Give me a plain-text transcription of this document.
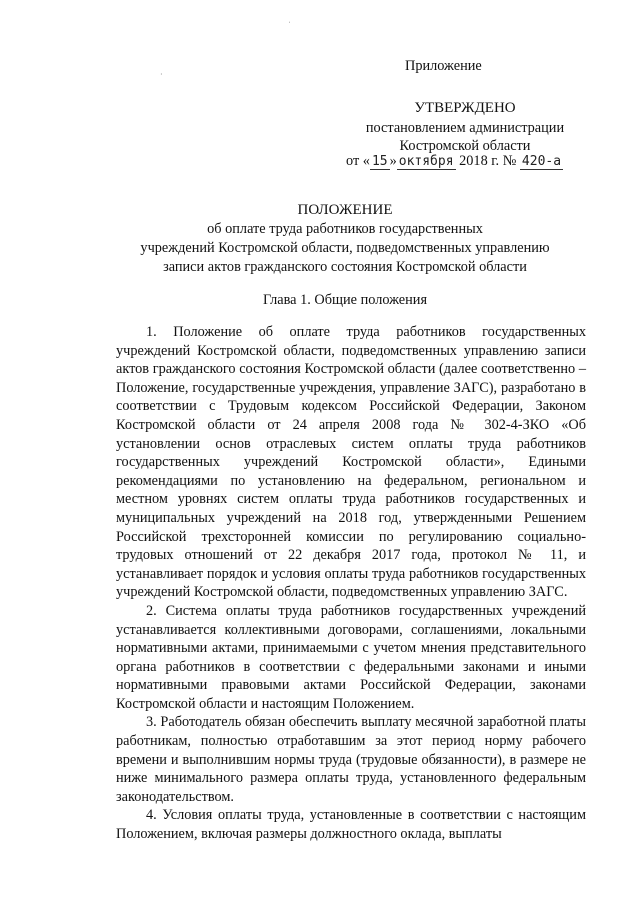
ˌ
·
Приложение
УТВЕРЖДЕНО
постановлением администрации
Костромской области
от « 15 » октября 2018 г. № 420-а
ПОЛОЖЕНИЕ
об оплате труда работников государственных
учреждений Костромской области, подведомственных управлению
записи актов гражданского состояния Костромской области
Глава 1. Общие положения

1. Положение об оплате труда работников государственных учреждений Костромской области, подведомственных управлению записи актов гражданского состояния Костромской области (далее соответственно – Положение, государственные учреждения, управление ЗАГС), разработано в соответствии с Трудовым кодексом Российской Федерации, Законом Костромской области от 24 апреля 2008 года № 302-4-ЗКО «Об установлении основ отраслевых систем оплаты труда работников государственных учреждений Костромской области», Едиными рекомендациями по установлению на федеральном, региональном и местном уровнях систем оплаты труда работников государственных и муниципальных учреждений на 2018 год, утвержденными Решением Российской трехсторонней комиссии по регулированию социально-трудовых отношений от 22 декабря 2017 года, протокол № 11, и устанавливает порядок и условия оплаты труда работников государственных учреждений Костромской области, подведомственных управлению ЗАГС.

2. Система оплаты труда работников государственных учреждений устанавливается коллективными договорами, соглашениями, локальными нормативными актами, принимаемыми с учетом мнения представительного органа работников в соответствии с федеральными законами и иными нормативными правовыми актами Российской Федерации, законами Костромской области и настоящим Положением.

3. Работодатель обязан обеспечить выплату месячной заработной платы работникам, полностью отработавшим за этот период норму рабочего времени и выполнившим нормы труда (трудовые обязанности), в размере не ниже минимального размера оплаты труда, установленного федеральным законодательством.

4. Условия оплаты труда, установленные в соответствии с настоящим Положением, включая размеры должностного оклада, выплаты
